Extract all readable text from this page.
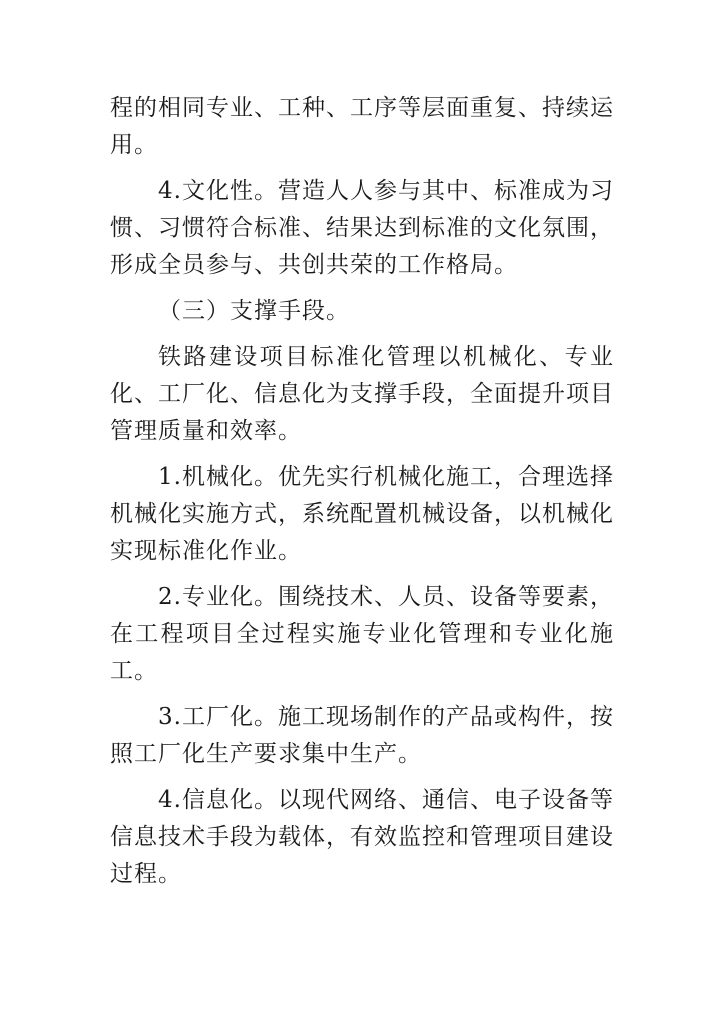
程的相同专业、工种、工序等层面重复、持续运用。

4.文化性。营造人人参与其中、标准成为习惯、习惯符合标准、结果达到标准的文化氛围，形成全员参与、共创共荣的工作格局。

（三）支撑手段。

铁路建设项目标准化管理以机械化、专业化、工厂化、信息化为支撑手段，全面提升项目管理质量和效率。

1.机械化。优先实行机械化施工，合理选择机械化实施方式，系统配置机械设备，以机械化实现标准化作业。

2.专业化。围绕技术、人员、设备等要素，在工程项目全过程实施专业化管理和专业化施工。

3.工厂化。施工现场制作的产品或构件，按照工厂化生产要求集中生产。

4.信息化。以现代网络、通信、电子设备等信息技术手段为载体，有效监控和管理项目建设过程。
